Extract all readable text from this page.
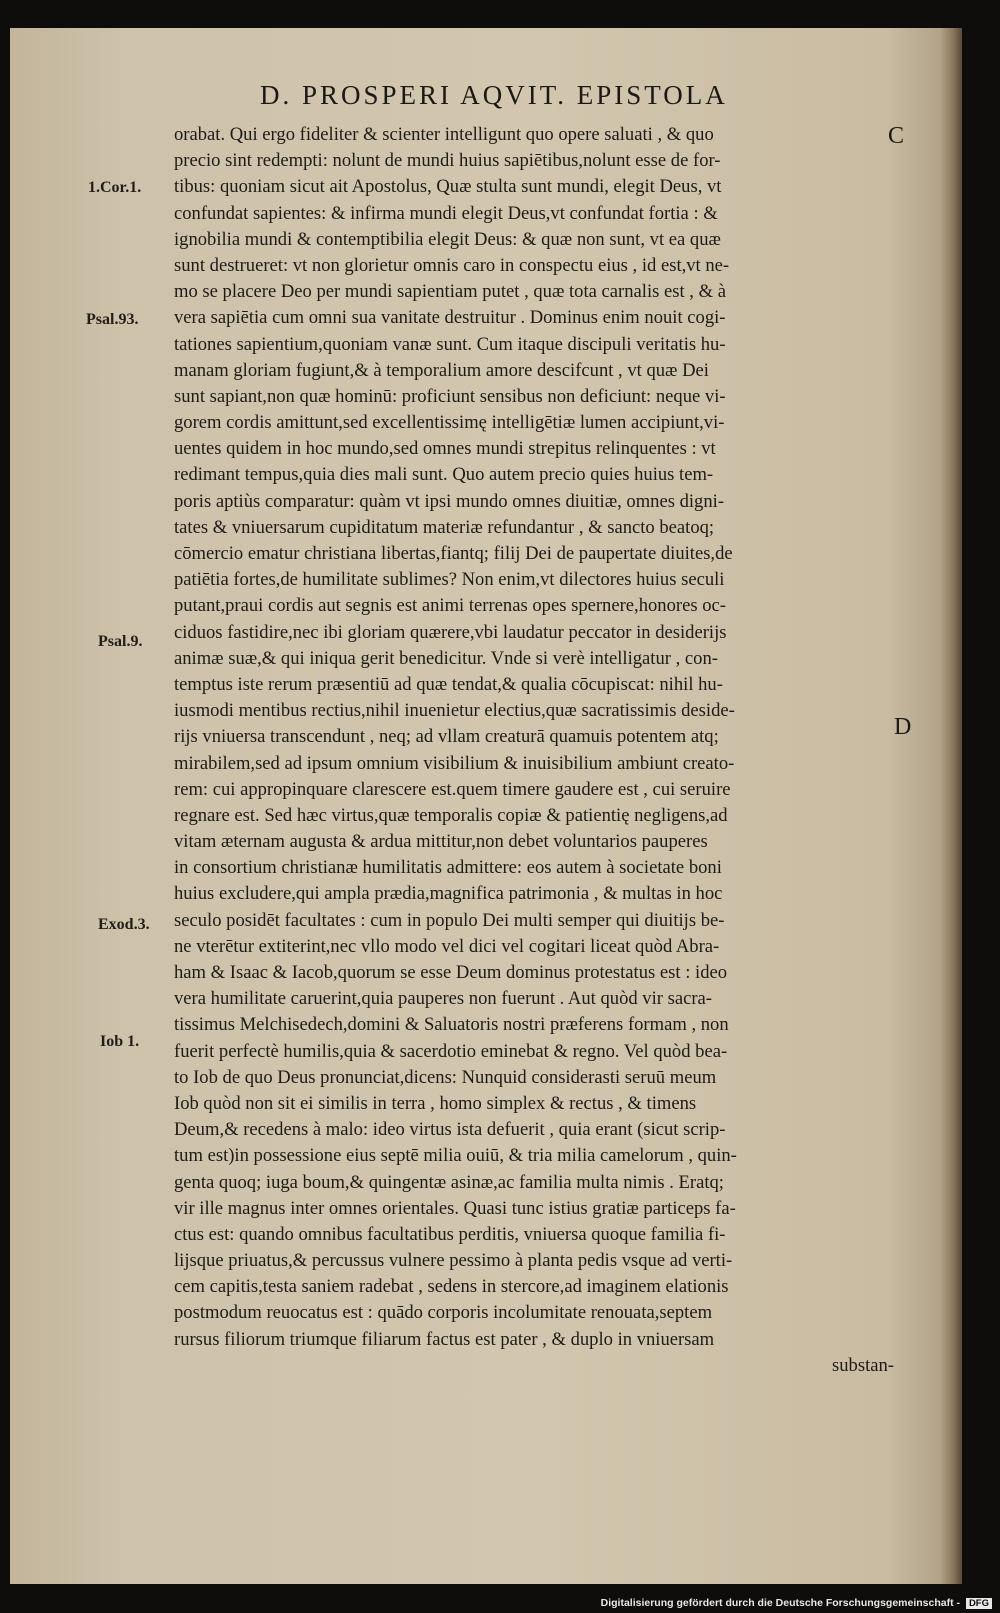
D. PROSPERI AQVIT. EPISTOLA
C
D
1.Cor.1.
Psal.93.
Psal.9.
Exod.3.
Iob 1.
orabat. Qui ergo fideliter & scienter intelligunt quo opere saluati , & quo
precio sint redempti: nolunt de mundi huius sapiētibus,nolunt esse de for-
tibus: quoniam sicut ait Apostolus, Quæ stulta sunt mundi, elegit Deus, vt
confundat sapientes: & infirma mundi elegit Deus,vt confundat fortia : &
ignobilia mundi & contemptibilia elegit Deus: & quæ non sunt, vt ea quæ
sunt destrueret: vt non glorietur omnis caro in conspectu eius , id est,vt ne-
mo se placere Deo per mundi sapientiam putet , quæ tota carnalis est , & à
vera sapiētia cum omni sua vanitate destruitur . Dominus enim nouit cogi-
tationes sapientium,quoniam vanæ sunt. Cum itaque discipuli veritatis hu-
manam gloriam fugiunt,& à temporalium amore descifcunt , vt quæ Dei
sunt sapiant,non quæ hominū: proficiunt sensibus non deficiunt: neque vi-
gorem cordis amittunt,sed excellentissimę intelligētiæ lumen accipiunt,vi-
uentes quidem in hoc mundo,sed omnes mundi strepitus relinquentes : vt
redimant tempus,quia dies mali sunt. Quo autem precio quies huius tem-
poris aptiùs comparatur: quàm vt ipsi mundo omnes diuitiæ, omnes digni-
tates & vniuersarum cupiditatum materiæ refundantur , & sancto beatoq;
cōmercio ematur christiana libertas,fiantq; filij Dei de paupertate diuites,de
patiētia fortes,de humilitate sublimes? Non enim,vt dilectores huius seculi
putant,praui cordis aut segnis est animi terrenas opes spernere,honores oc-
ciduos fastidire,nec ibi gloriam quærere,vbi laudatur peccator in desiderijs
animæ suæ,& qui iniqua gerit benedicitur. Vnde si verè intelligatur , con-
temptus iste rerum præsentiū ad quæ tendat,& qualia cōcupiscat: nihil hu-
iusmodi mentibus rectius,nihil inuenietur electius,quæ sacratissimis deside-
rijs vniuersa transcendunt , neq; ad vllam creaturā quamuis potentem atq;
mirabilem,sed ad ipsum omnium visibilium & inuisibilium ambiunt creato-
rem: cui appropinquare clarescere est.quem timere gaudere est , cui seruire
regnare est. Sed hæc virtus,quæ temporalis copiæ & patientię negligens,ad
vitam æternam augusta & ardua mittitur,non debet voluntarios pauperes
in consortium christianæ humilitatis admittere: eos autem à societate boni
huius excludere,qui ampla prædia,magnifica patrimonia , & multas in hoc
seculo posidēt facultates : cum in populo Dei multi semper qui diuitijs be-
ne vterētur extiterint,nec vllo modo vel dici vel cogitari liceat quòd Abra-
ham & Isaac & Iacob,quorum se esse Deum dominus protestatus est : ideo
vera humilitate caruerint,quia pauperes non fuerunt . Aut quòd vir sacra-
tissimus Melchisedech,domini & Saluatoris nostri præferens formam , non
fuerit perfectè humilis,quia & sacerdotio eminebat & regno. Vel quòd bea-
to Iob de quo Deus pronunciat,dicens: Nunquid considerasti seruū meum
Iob quòd non sit ei similis in terra , homo simplex & rectus , & timens
Deum,& recedens à malo: ideo virtus ista defuerit , quia erant (sicut scrip-
tum est)in possessione eius septē milia ouiū, & tria milia camelorum , quin-
genta quoq; iuga boum,& quingentæ asinæ,ac familia multa nimis . Eratq;
vir ille magnus inter omnes orientales. Quasi tunc istius gratiæ particeps fa-
ctus est: quando omnibus facultatibus perditis, vniuersa quoque familia fi-
lijsque priuatus,& percussus vulnere pessimo à planta pedis vsque ad verti-
cem capitis,testa saniem radebat , sedens in stercore,ad imaginem elationis
postmodum reuocatus est : quādo corporis incolumitate renouata,septem
rursus filiorum triumque filiarum factus est pater , & duplo in vniuersam
substan-
Digitalisierung gefördert durch die Deutsche Forschungsgemeinschaft - DFG
